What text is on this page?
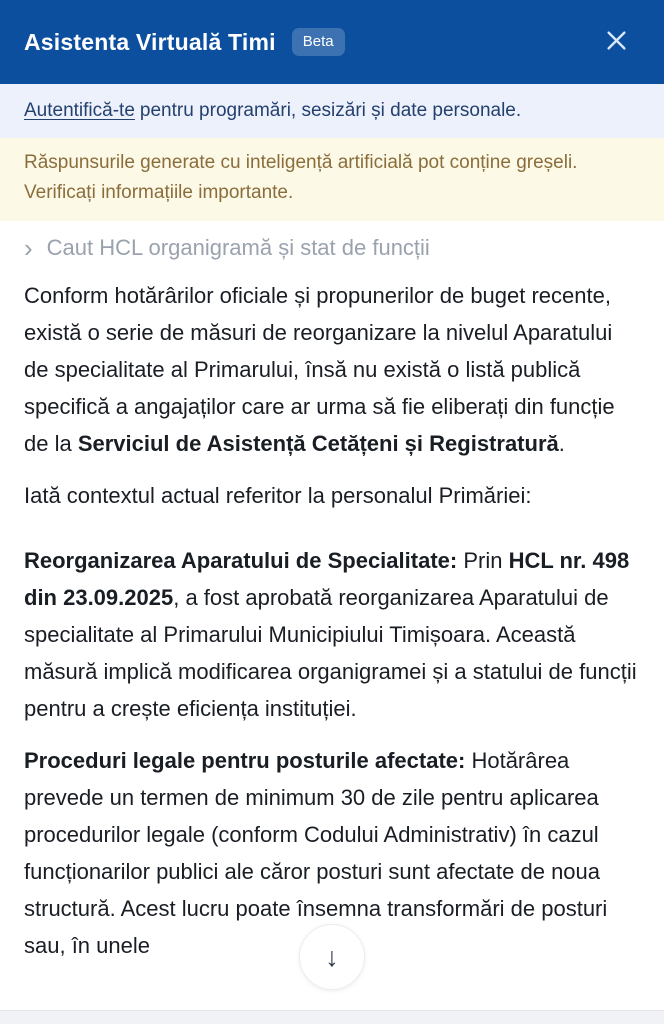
Asistenta Virtuală Timi	Beta
Autentifică-te pentru programări, sesizări și date personale.
Răspunsurile generate cu inteligență artificială pot conține greșeli.
Verificați informațiile importante.
› Caut HCL organigramă și stat de funcții

Conform hotărârilor oficiale și propunerilor de buget recente, există o serie de măsuri de reorganizare la nivelul Aparatului de specialitate al Primarului, însă nu există o listă publică specifică a angajaților care ar urma să fie eliberați din funcție de la Serviciul de Asistență Cetățeni și Registratură.

Iată contextul actual referitor la personalul Primăriei:

Reorganizarea Aparatului de Specialitate: Prin HCL nr. 498 din 23.09.2025, a fost aprobată reorganizarea Aparatului de specialitate al Primarului Municipiului Timișoara. Această măsură implică modificarea organigramei și a statului de funcții pentru a crește eficiența instituției.

Proceduri legale pentru posturile afectate: Hotărârea prevede un termen de minimum 30 de zile pentru aplicarea procedurilor legale (conform Codului Administrativ) în cazul funcționarilor publici ale căror posturi sunt afectate de noua structură. Acest lucru poate însemna transformări de posturi sau, în unele	↓
